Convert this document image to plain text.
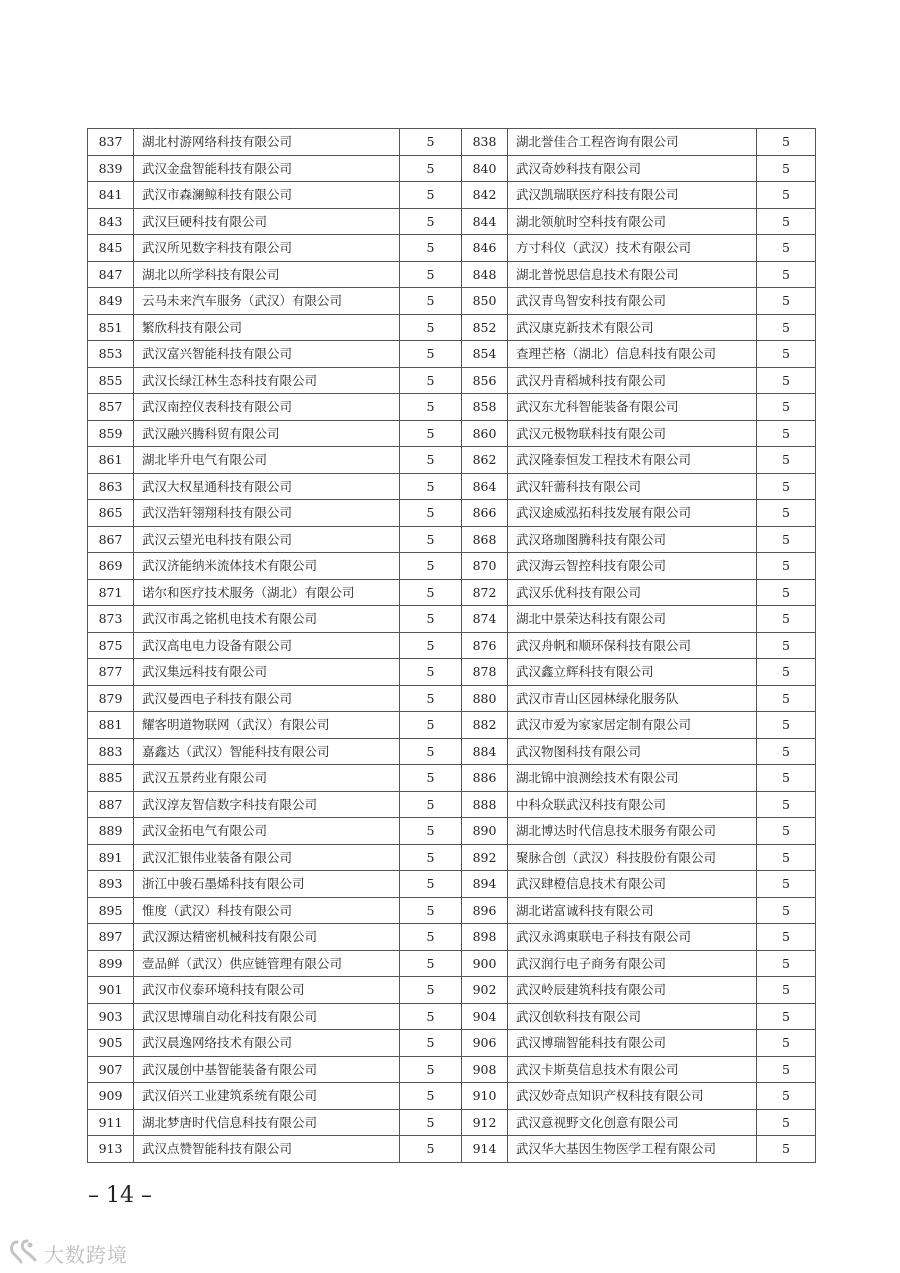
837	湖北村游网络科技有限公司	5	838	湖北誉佳合工程咨询有限公司	5
839	武汉金盘智能科技有限公司	5	840	武汉奇妙科技有限公司	5
841	武汉市森澜鲸科技有限公司	5	842	武汉凯瑞联医疗科技有限公司	5
843	武汉巨硬科技有限公司	5	844	湖北领航时空科技有限公司	5
845	武汉所见数字科技有限公司	5	846	方寸科仪（武汉）技术有限公司	5
847	湖北以所学科技有限公司	5	848	湖北普悦思信息技术有限公司	5
849	云马未来汽车服务（武汉）有限公司	5	850	武汉青鸟智安科技有限公司	5
851	繁欣科技有限公司	5	852	武汉康克新技术有限公司	5
853	武汉富兴智能科技有限公司	5	854	查理芒格（湖北）信息科技有限公司	5
855	武汉长绿江林生态科技有限公司	5	856	武汉丹青稻城科技有限公司	5
857	武汉南控仪表科技有限公司	5	858	武汉东尤科智能装备有限公司	5
859	武汉融兴腾科贸有限公司	5	860	武汉元极物联科技有限公司	5
861	湖北毕升电气有限公司	5	862	武汉隆泰恒发工程技术有限公司	5
863	武汉大权星通科技有限公司	5	864	武汉轩薷科技有限公司	5
865	武汉浩轩翎翔科技有限公司	5	866	武汉途威泓拓科技发展有限公司	5
867	武汉云望光电科技有限公司	5	868	武汉珞珈图腾科技有限公司	5
869	武汉济能纳米流体技术有限公司	5	870	武汉海云智控科技有限公司	5
871	诺尔和医疗技术服务（湖北）有限公司	5	872	武汉乐优科技有限公司	5
873	武汉市禹之铭机电技术有限公司	5	874	湖北中景荣达科技有限公司	5
875	武汉高电电力设备有限公司	5	876	武汉舟帆和顺环保科技有限公司	5
877	武汉集远科技有限公司	5	878	武汉鑫立辉科技有限公司	5
879	武汉曼西电子科技有限公司	5	880	武汉市青山区园林绿化服务队	5
881	耀客明道物联网（武汉）有限公司	5	882	武汉市爱为家家居定制有限公司	5
883	嘉鑫达（武汉）智能科技有限公司	5	884	武汉物图科技有限公司	5
885	武汉五景药业有限公司	5	886	湖北锦中浪测绘技术有限公司	5
887	武汉淳友智信数字科技有限公司	5	888	中科众联武汉科技有限公司	5
889	武汉金拓电气有限公司	5	890	湖北博达时代信息技术服务有限公司	5
891	武汉汇银伟业装备有限公司	5	892	聚脉合创（武汉）科技股份有限公司	5
893	浙江中骏石墨烯科技有限公司	5	894	武汉肆橙信息技术有限公司	5
895	惟度（武汉）科技有限公司	5	896	湖北诺富诚科技有限公司	5
897	武汉源达精密机械科技有限公司	5	898	武汉永鸿東联电子科技有限公司	5
899	壹品鲜（武汉）供应链管理有限公司	5	900	武汉润行电子商务有限公司	5
901	武汉市仪泰环境科技有限公司	5	902	武汉岭辰建筑科技有限公司	5
903	武汉思博瑞自动化科技有限公司	5	904	武汉创软科技有限公司	5
905	武汉晨逸网络技术有限公司	5	906	武汉博瑞智能科技有限公司	5
907	武汉晟创中基智能装备有限公司	5	908	武汉卡斯莫信息技术有限公司	5
909	武汉佰兴工业建筑系统有限公司	5	910	武汉妙奇点知识产权科技有限公司	5
911	湖北梦唐时代信息科技有限公司	5	912	武汉意视野文化创意有限公司	5
913	武汉点赞智能科技有限公司	5	914	武汉华大基因生物医学工程有限公司	5
– 14 –
大数跨境
